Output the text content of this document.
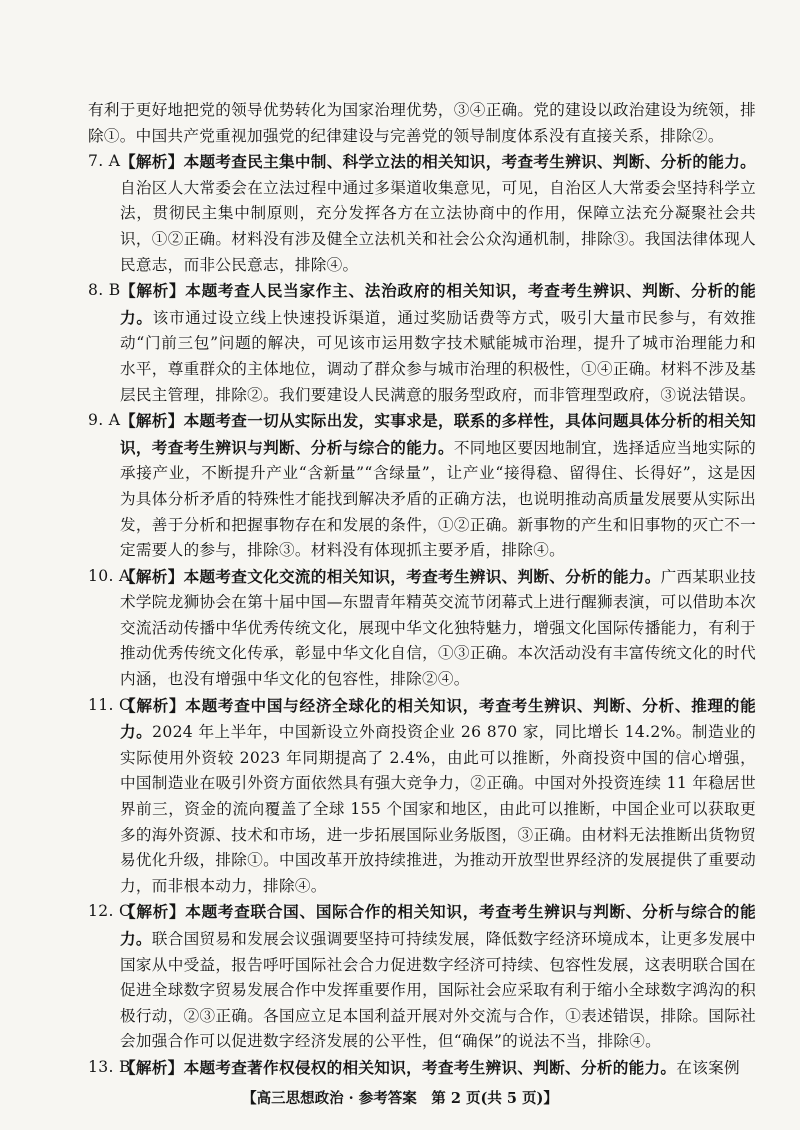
有利于更好地把党的领导优势转化为国家治理优势，③④正确。党的建设以政治建设为统领，排除①。中国共产党重视加强党的纪律建设与完善党的领导制度体系没有直接关系，排除②。

7. A 【解析】本题考查民主集中制、科学立法的相关知识，考查考生辨识、判断、分析的能力。自治区人大常委会在立法过程中通过多渠道收集意见，可见，自治区人大常委会坚持科学立法，贯彻民主集中制原则，充分发挥各方在立法协商中的作用，保障立法充分凝聚社会共识，①②正确。材料没有涉及健全立法机关和社会公众沟通机制，排除③。我国法律体现人民意志，而非公民意志，排除④。
8. B 【解析】本题考查人民当家作主、法治政府的相关知识，考查考生辨识、判断、分析的能力。该市通过设立线上快速投诉渠道，通过奖励话费等方式，吸引大量市民参与，有效推动“门前三包”问题的解决，可见该市运用数字技术赋能城市治理，提升了城市治理能力和水平，尊重群众的主体地位，调动了群众参与城市治理的积极性，①④正确。材料不涉及基层民主管理，排除②。我们要建设人民满意的服务型政府，而非管理型政府，③说法错误。
9. A 【解析】本题考查一切从实际出发，实事求是，联系的多样性，具体问题具体分析的相关知识，考查考生辨识与判断、分析与综合的能力。不同地区要因地制宜，选择适应当地实际的承接产业，不断提升产业“含新量”“含绿量”，让产业“接得稳、留得住、长得好”，这是因为具体分析矛盾的特殊性才能找到解决矛盾的正确方法，也说明推动高质量发展要从实际出发，善于分析和把握事物存在和发展的条件，①②正确。新事物的产生和旧事物的灭亡不一定需要人的参与，排除③。材料没有体现抓主要矛盾，排除④。
10. A
【解析】本题考查文化交流的相关知识，考查考生辨识、判断、分析的能力。广西某职业技术学院龙狮协会在第十届中国—东盟青年精英交流节闭幕式上进行醒狮表演，可以借助本次交流活动传播中华优秀传统文化，展现中华文化独特魅力，增强文化国际传播能力，有利于推动优秀传统文化传承，彰显中华文化自信，①③正确。本次活动没有丰富传统文化的时代内涵，也没有增强中华文化的包容性，排除②④。
11. C
【解析】本题考查中国与经济全球化的相关知识，考查考生辨识、判断、分析、推理的能力。2024 年上半年，中国新设立外商投资企业 26 870 家，同比增长 14.2%。制造业的实际使用外资较 2023 年同期提高了 2.4%，由此可以推断，外商投资中国的信心增强，中国制造业在吸引外资方面依然具有强大竞争力，②正确。中国对外投资连续 11 年稳居世界前三，资金的流向覆盖了全球 155 个国家和地区，由此可以推断，中国企业可以获取更多的海外资源、技术和市场，进一步拓展国际业务版图，③正确。由材料无法推断出货物贸易优化升级，排除①。中国改革开放持续推进，为推动开放型世界经济的发展提供了重要动力，而非根本动力，排除④。
12. C
【解析】本题考查联合国、国际合作的相关知识，考查考生辨识与判断、分析与综合的能力。联合国贸易和发展会议强调要坚持可持续发展，降低数字经济环境成本，让更多发展中国家从中受益，报告呼吁国际社会合力促进数字经济可持续、包容性发展，这表明联合国在促进全球数字贸易发展合作中发挥重要作用，国际社会应采取有利于缩小全球数字鸿沟的积极行动，②③正确。各国应立足本国利益开展对外交流与合作，①表述错误，排除。国际社会加强合作可以促进数字经济发展的公平性，但“确保”的说法不当，排除④。
13. B
【解析】本题考查著作权侵权的相关知识，考查考生辨识、判断、分析的能力。在该案例
【高三思想政治 · 参考答案　第 2 页(共 5 页)】
